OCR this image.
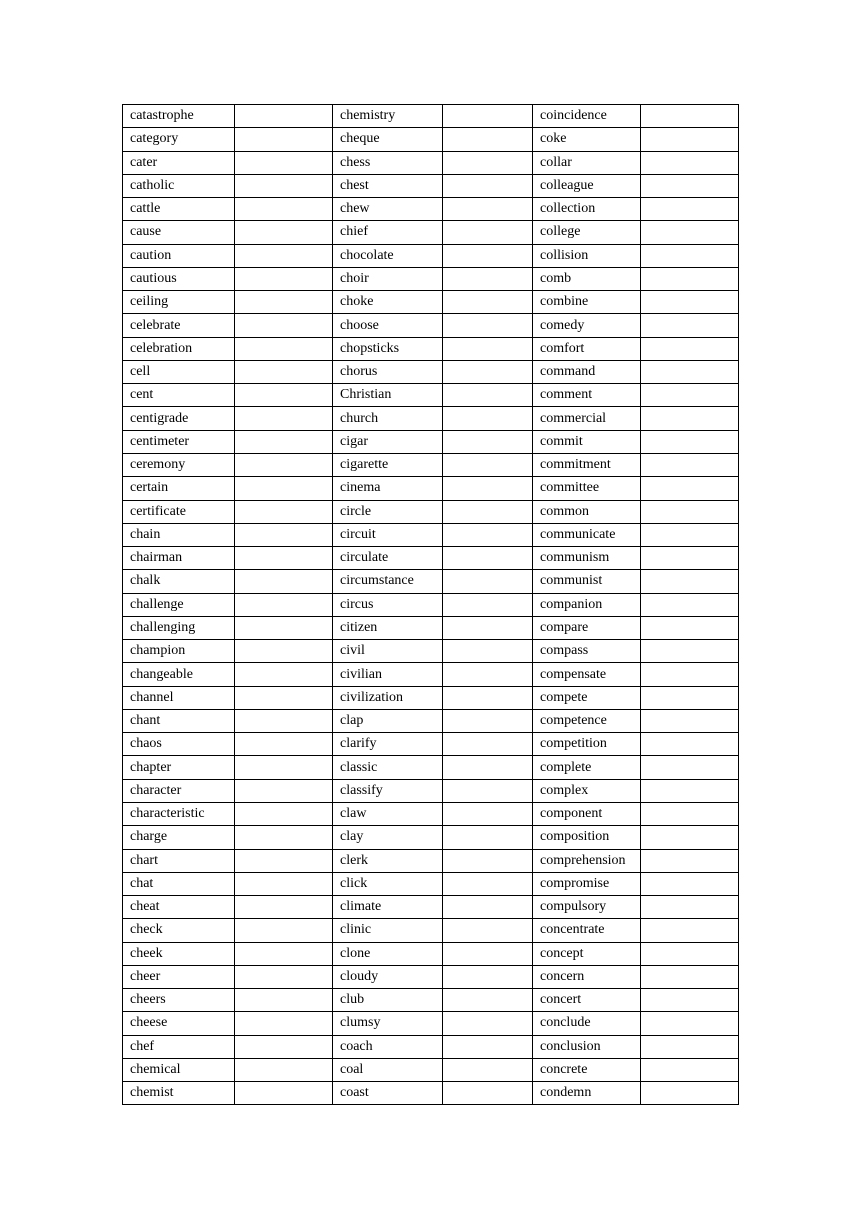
catastrophe		chemistry		coincidence	
category		cheque		coke	
cater		chess		collar	
catholic		chest		colleague	
cattle		chew		collection	
cause		chief		college	
caution		chocolate		collision	
cautious		choir		comb	
ceiling		choke		combine	
celebrate		choose		comedy	
celebration		chopsticks		comfort	
cell		chorus		command	
cent		Christian		comment	
centigrade		church		commercial	
centimeter		cigar		commit	
ceremony		cigarette		commitment	
certain		cinema		committee	
certificate		circle		common	
chain		circuit		communicate	
chairman		circulate		communism	
chalk		circumstance		communist	
challenge		circus		companion	
challenging		citizen		compare	
champion		civil		compass	
changeable		civilian		compensate	
channel		civilization		compete	
chant		clap		competence	
chaos		clarify		competition	
chapter		classic		complete	
character		classify		complex	
characteristic		claw		component	
charge		clay		composition	
chart		clerk		comprehension	
chat		click		compromise	
cheat		climate		compulsory	
check		clinic		concentrate	
cheek		clone		concept	
cheer		cloudy		concern	
cheers		club		concert	
cheese		clumsy		conclude	
chef		coach		conclusion	
chemical		coal		concrete	
chemist		coast		condemn	
